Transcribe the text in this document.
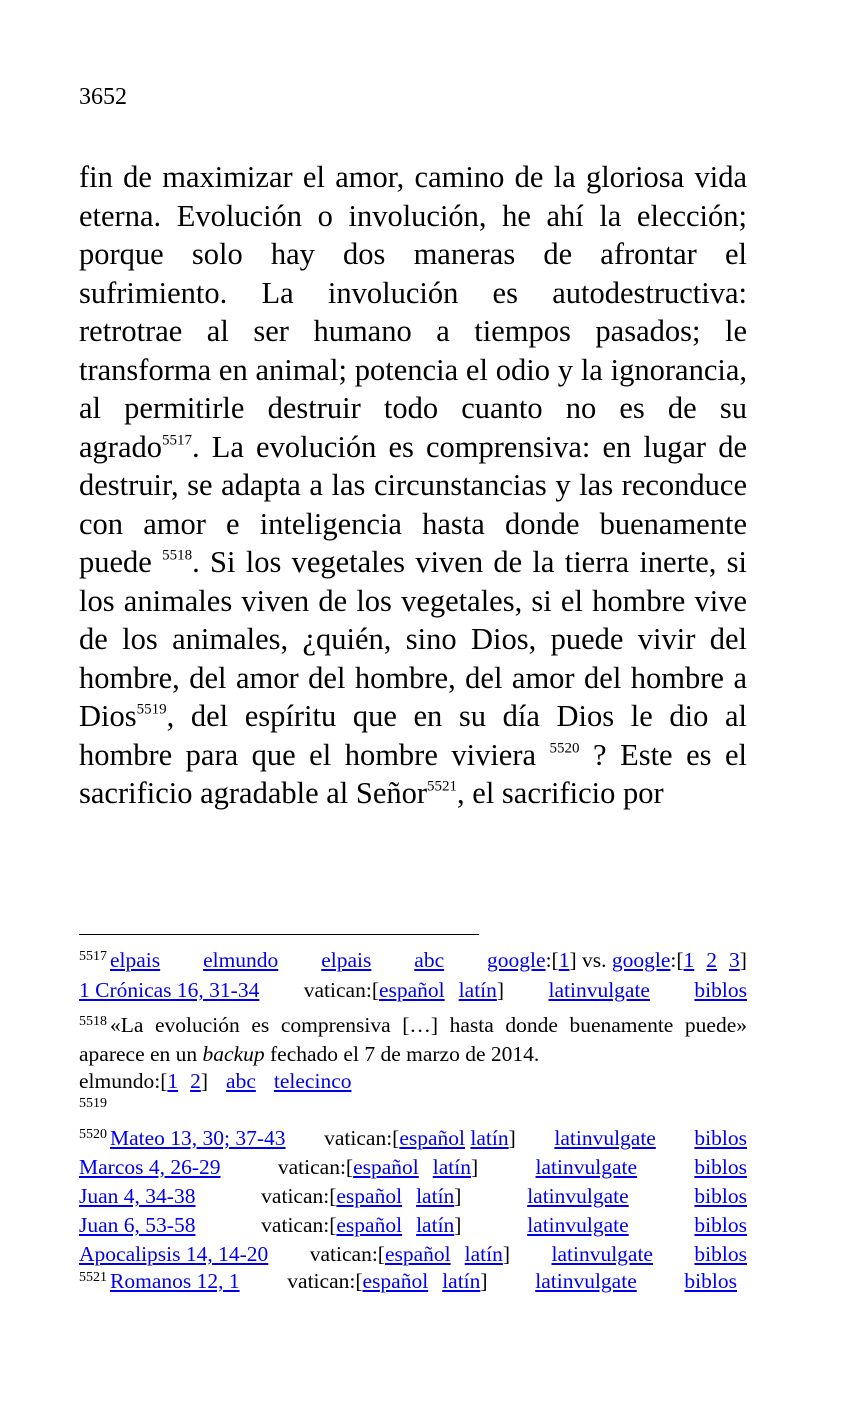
3652

fin de maximizar el amor, camino de la gloriosa vida eterna. Evolución o involución, he ahí la elección; porque solo hay dos maneras de afrontar el sufrimiento. La involución es autodestructiva: retrotrae al ser humano a tiempos pasados; le transforma en animal; potencia el odio y la ignorancia, al permitirle destruir todo cuanto no es de su agrado$^{5517}$. La evolución es comprensiva: en lugar de destruir, se adapta a las circunstancias y las reconduce con amor e inteligencia hasta donde buenamente puede $^{5518}$. Si los vegetales viven de la tierra inerte, si los animales viven de los vegetales, si el hombre vive de los animales, ¿quién, sino Dios, puede vivir del hombre, del amor del hombre, del amor del hombre a Dios$^{5519}$, del espíritu que en su día Dios le dio al hombre para que el hombre viviera $^{5520}$ ? Este es el sacrificio agradable al Señor$^{5521}$, el sacrificio por

$^{5517}$ elpais elmundo elpais abc google:[1] vs. google:[1 2 3]
1 Crónicas 16, 31-34 vatican:[español latín] latinvulgate biblos

$^{5518}$ «La evolución es comprensiva […] hasta donde buenamente puede» aparece en un backup fechado el 7 de marzo de 2014.

elmundo:[1 2] abc telecinco
5519
$^{5520}$ Mateo 13, 30; 37-43 vatican:[español latín] latinvulgate biblos
Marcos 4, 26-29	vatican:[español latín]	latinvulgate	biblos
Juan 4, 34-38	vatican:[español latín]	latinvulgate	biblos
Juan 6, 53-58	vatican:[español latín]	latinvulgate	biblos
Apocalipsis 14, 14-20 vatican:[español latín] latinvulgate biblos
$^{5521}$ Romanos 12, 1 vatican:[español latín] latinvulgate biblos
